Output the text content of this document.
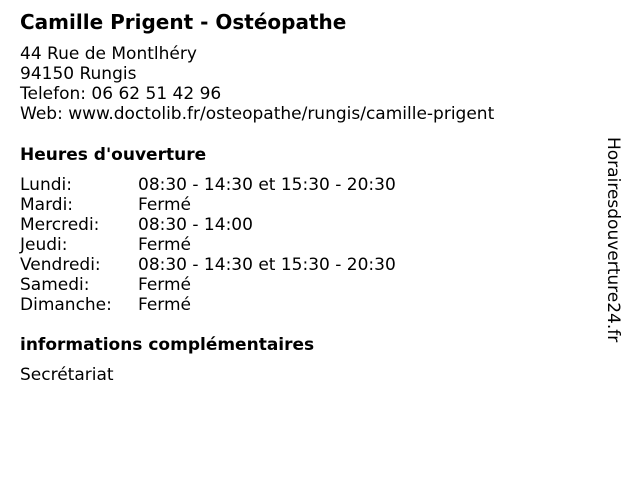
Camille Prigent - Ostéopathe
44 Rue de Montlhéry
94150 Rungis
Telefon: 06 62 51 42 96
Web: www.doctolib.fr/osteopathe/rungis/camille-prigent
Heures d'ouverture
Lundi:	08:30 - 14:30 et 15:30 - 20:30
Mardi:	Fermé
Mercredi: 08:30 - 14:00
Jeudi:	Fermé
Vendredi: 08:30 - 14:30 et 15:30 - 20:30
Samedi:	Fermé
Dimanche: Fermé
informations complémentaires
Secrétariat
Horairesdouverture24.fr
